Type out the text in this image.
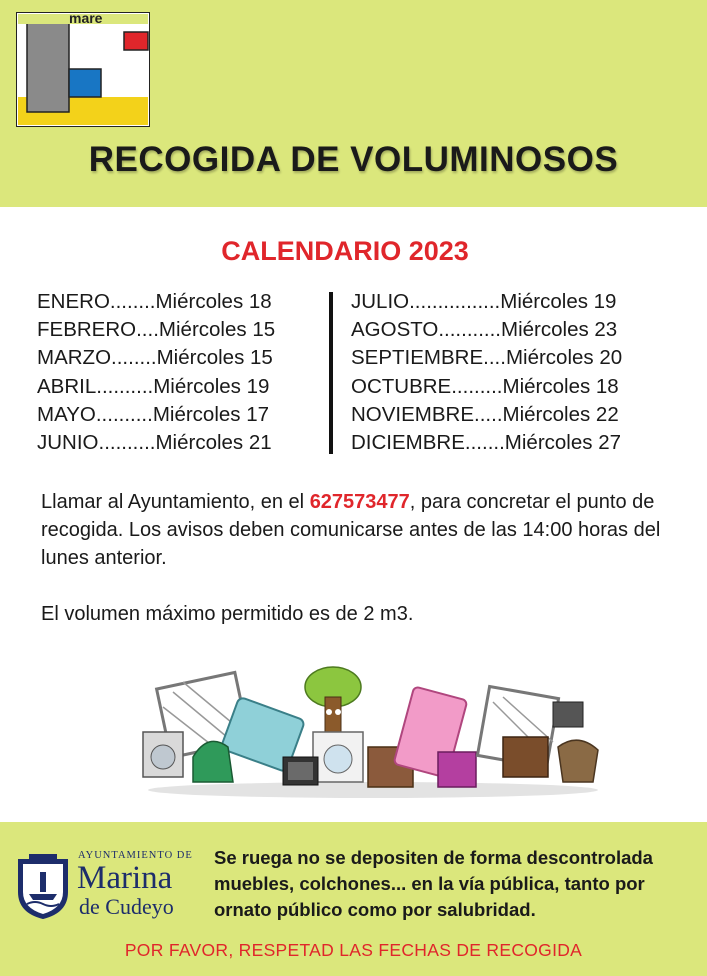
mare
RECOGIDA DE VOLUMINOSOS
CALENDARIO 2023
ENERO........Miércoles 18
FEBRERO....Miércoles 15
MARZO........Miércoles 15
ABRIL..........Miércoles 19
MAYO..........Miércoles 17
JUNIO..........Miércoles 21
JULIO................Miércoles 19
AGOSTO...........Miércoles 23
SEPTIEMBRE....Miércoles 20
OCTUBRE.........Miércoles 18
NOVIEMBRE.....Miércoles 22
DICIEMBRE.......Miércoles 27
Llamar al Ayuntamiento, en el 627573477, para concretar el punto de recogida. Los avisos deben comunicarse antes de las 14:00 horas del lunes anterior.
El volumen máximo permitido es de 2 m3.
AYUNTAMIENTO DE
Marina
de Cudeyo
Se ruega no se depositen de forma descontrolada muebles, colchones... en la vía pública, tanto por ornato público como por salubridad.
POR FAVOR, RESPETAD LAS FECHAS DE RECOGIDA
